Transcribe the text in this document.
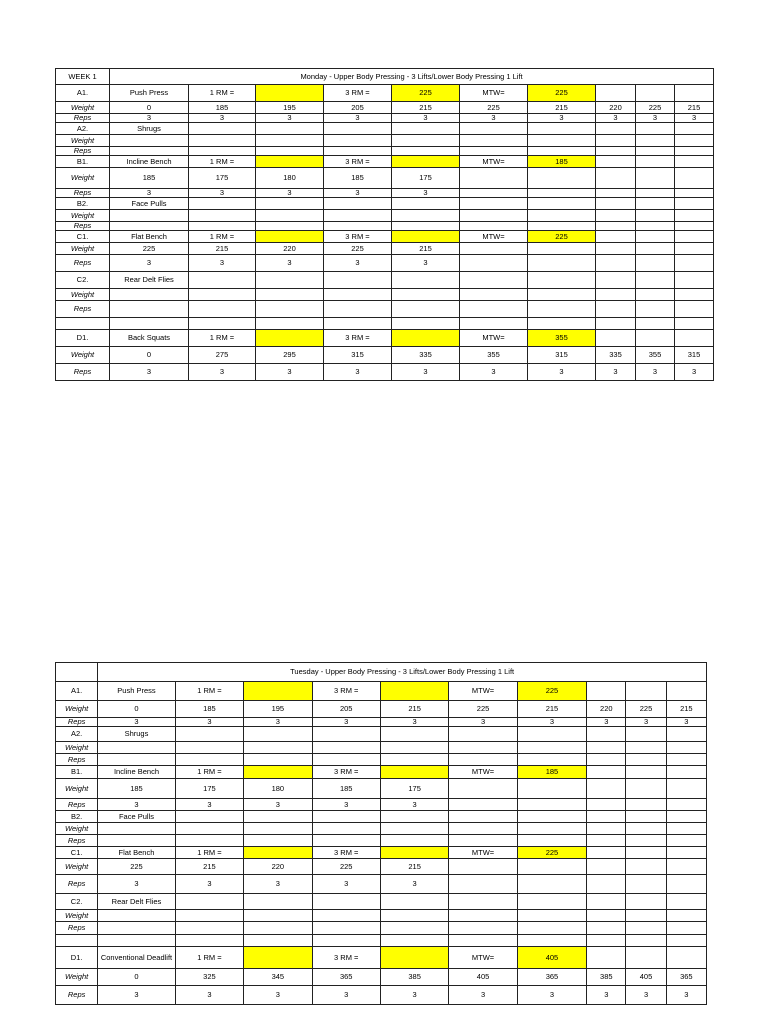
WEEK 1	Monday - Upper Body Pressing - 3 Lifts/Lower Body Pressing 1 Lift									
A1.	Push Press	1 RM =		3 RM =	225	MTW=	225			
Weight	0	185	195	205	215	225	215	220	225	215
Reps	3	3	3	3	3	3	3	3	3	3
A2.	Shrugs									
Weight										
Reps										
B1.	Incline Bench	1 RM =		3 RM =		MTW=	185			
Weight	185	175	180	185	175					
Reps	3	3	3	3	3					
B2.	Face Pulls									
Weight										
Reps										
C1.	Flat Bench	1 RM =		3 RM =		MTW=	225			
Weight	225	215	220	225	215					
Reps	3	3	3	3	3					
C2.	Rear Delt Flies									
Weight										
Reps										

D1.	Back Squats	1 RM =		3 RM =		MTW=	355			
Weight	0	275	295	315	335	355	315	335	355	315
Reps	3	3	3	3	3	3	3	3	3	3
	Tuesday - Upper Body Pressing - 3 Lifts/Lower Body Pressing 1 Lift									
A1.	Push Press	1 RM =		3 RM =		MTW=	225			
Weight	0	185	195	205	215	225	215	220	225	215
Reps	3	3	3	3	3	3	3	3	3	3
A2.	Shrugs									
Weight										
Reps										
B1.	Incline Bench	1 RM =		3 RM =		MTW=	185			
Weight	185	175	180	185	175					
Reps	3	3	3	3	3					
B2.	Face Pulls									
Weight										
Reps										
C1.	Flat Bench	1 RM =		3 RM =		MTW=	225			
Weight	225	215	220	225	215					
Reps	3	3	3	3	3					
C2.	Rear Delt Flies									
Weight										
Reps										

D1.	Conventional Deadlift	1 RM =		3 RM =		MTW=	405			
Weight	0	325	345	365	385	405	365	385	405	365
Reps	3	3	3	3	3	3	3	3	3	3
